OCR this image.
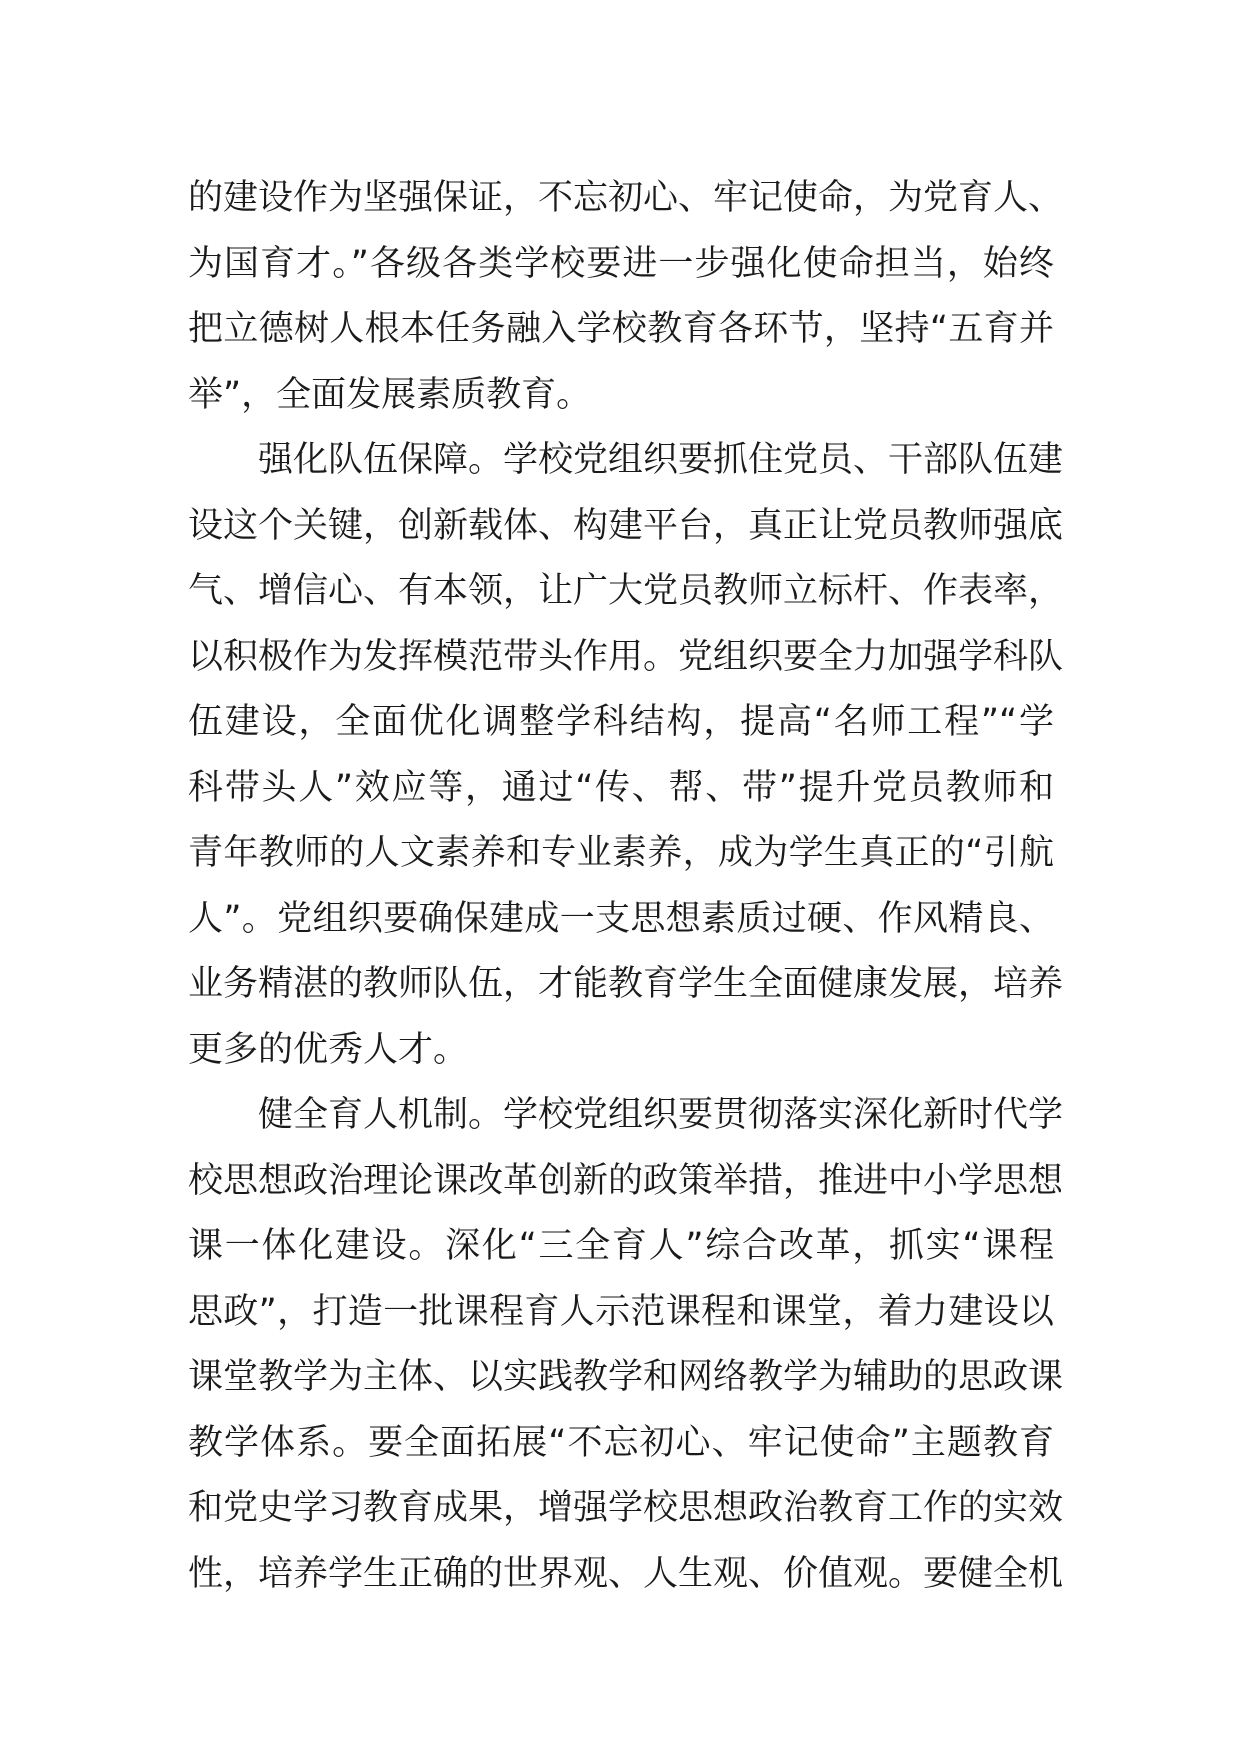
的建设作为坚强保证，不忘初心、牢记使命，为党育人、
为国育才。”各级各类学校要进一步强化使命担当，始终
把立德树人根本任务融入学校教育各环节，坚持“五育并
举”，全面发展素质教育。
强化队伍保障。学校党组织要抓住党员、干部队伍建
设这个关键，创新载体、构建平台，真正让党员教师强底
气、增信心、有本领，让广大党员教师立标杆、作表率，
以积极作为发挥模范带头作用。党组织要全力加强学科队
伍建设，全面优化调整学科结构，提高“名师工程”“学
科带头人”效应等，通过“传、帮、带”提升党员教师和
青年教师的人文素养和专业素养，成为学生真正的“引航
人”。党组织要确保建成一支思想素质过硬、作风精良、
业务精湛的教师队伍，才能教育学生全面健康发展，培养
更多的优秀人才。
健全育人机制。学校党组织要贯彻落实深化新时代学
校思想政治理论课改革创新的政策举措，推进中小学思想
课一体化建设。深化“三全育人”综合改革，抓实“课程
思政”，打造一批课程育人示范课程和课堂，着力建设以
课堂教学为主体、以实践教学和网络教学为辅助的思政课
教学体系。要全面拓展“不忘初心、牢记使命”主题教育
和党史学习教育成果，增强学校思想政治教育工作的实效
性，培养学生正确的世界观、人生观、价值观。要健全机
